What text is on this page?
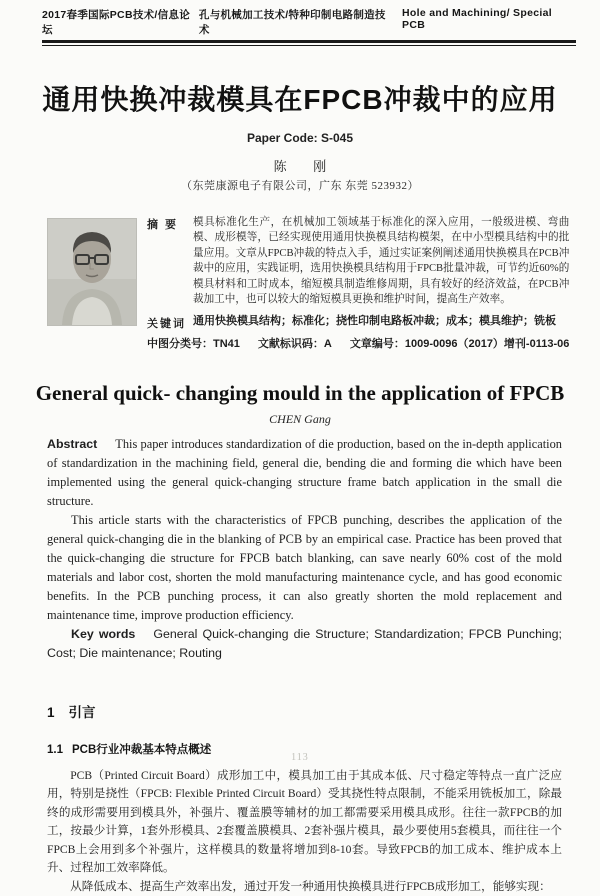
2017春季国际PCB技术/信息论坛
孔与机械加工技术/特种印制电路制造技术
Hole and Machining/ Special PCB
通用快换冲裁模具在FPCB冲裁中的应用
Paper Code: S-045
陈 刚
（东莞康源电子有限公司，广东 东莞 523932）
摘 要	模具标准化生产，在机械加工领域基于标准化的深入应用，一般级进模、弯曲模、成形模等，已经实现使用通用快换模具结构模架，在中小型模具结构中的批量应用。文章从FPCB冲裁的特点入手，通过实证案例阐述通用快换模具在PCB冲裁中的应用，实践证明，选用快换模具结构用于FPCB批量冲裁，可节约近60%的模具材料和工时成本，缩短模具制造维修周期，具有较好的经济效益，在PCB冲裁加工中，也可以较大的缩短模具更换和维护时间，提高生产效率。
关键词 通用快换模具结构；标准化；挠性印制电路板冲裁；成本；模具维护；铣板
中图分类号：TN41 文献标识码：A 文章编号：1009-0096（2017）增刊-0113-06
General quick- changing mould in the application of FPCB
CHEN Gang

Abstract This paper introduces standardization of die production, based on the in-depth application of standardization in the machining field, general die, bending die and forming die which have been implemented using the general quick-changing structure frame batch application in the small die structure.

This article starts with the characteristics of FPCB punching, describes the application of the general quick-changing die in the blanking of PCB by an empirical case. Practice has been proved that the quick-changing die structure for FPCB batch blanking, can save nearly 60% cost of the mold materials and labor cost, shorten the mold manufacturing maintenance cycle, and has good economic benefits. In the PCB punching process, it can also greatly shorten the mold replacement and maintenance time, improve production efficiency.

Key words General Quick-changing die Structure; Standardization; FPCB Punching; Cost; Die maintenance; Routing

1 引言
1.1 PCB行业冲裁基本特点概述

PCB（Printed Circuit Board）成形加工中，模具加工由于其成本低、尺寸稳定等特点一直广泛应用，特别是挠性（FPCB: Flexible Printed Circuit Board）受其挠性特点限制，不能采用铣板加工，除最终的成形需要用到模具外，补强片、覆盖膜等辅材的加工都需要采用模具成形。往往一款FPCB的加工，按最少计算，1套外形模具、2套覆盖膜模具、2套补强片模具，最少要使用5套模具，而往往一个FPCB上会用到多个补强片，这样模具的数量将增加到8-10套。导致FPCB的加工成本、维护成本上升、过程加工效率降低。

从降低成本、提高生产效率出发，通过开发一种通用快换模具进行FPCB成形加工，能够实现：

113
